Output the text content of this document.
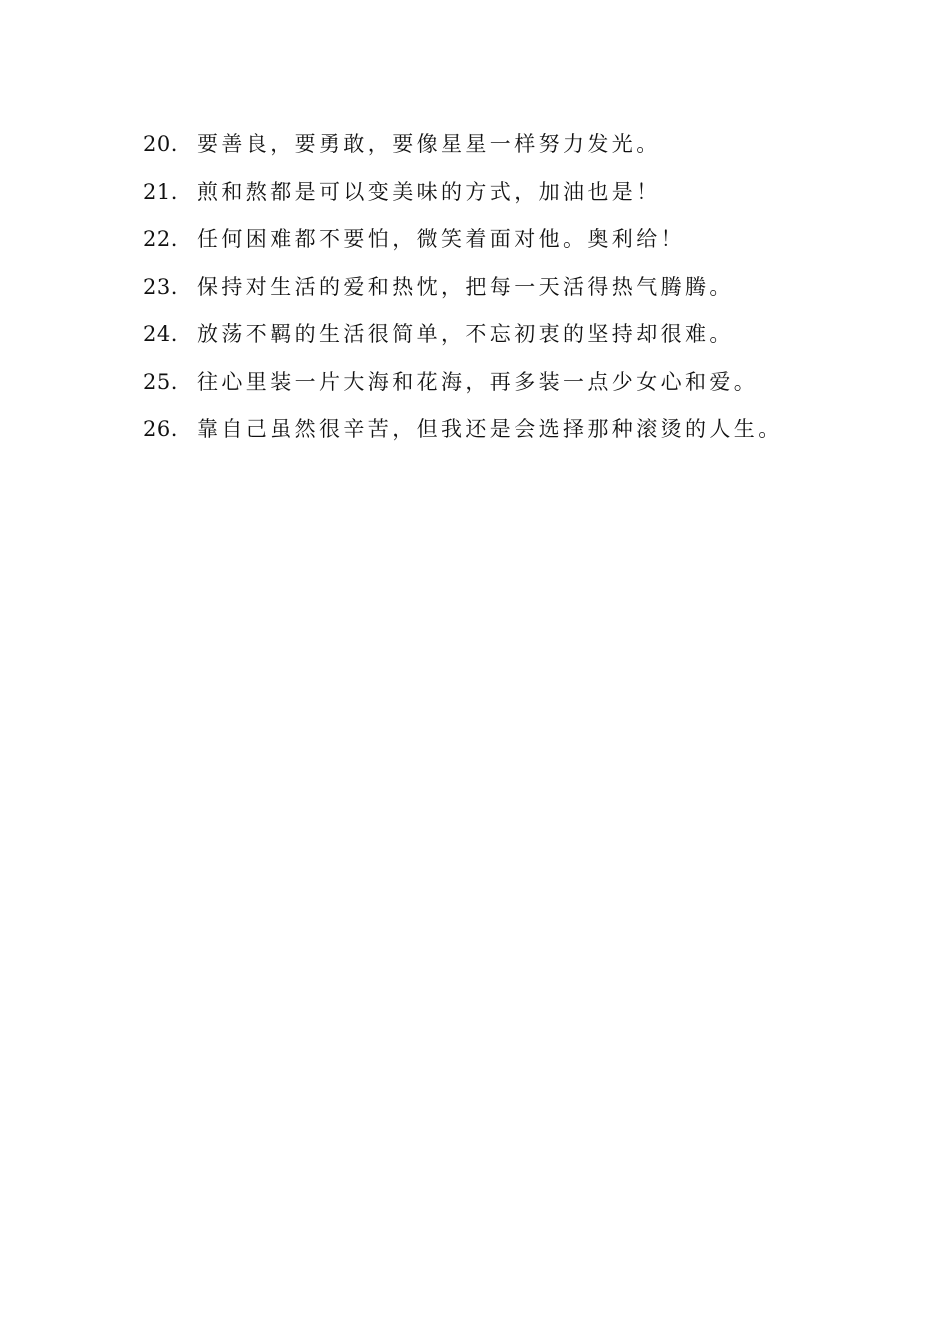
20. 要善良，要勇敢，要像星星一样努力发光。
21. 煎和熬都是可以变美味的方式，加油也是！
22. 任何困难都不要怕，微笑着面对他。奥利给！
23. 保持对生活的爱和热忱，把每一天活得热气腾腾。
24. 放荡不羁的生活很简单，不忘初衷的坚持却很难。
25. 往心里装一片大海和花海，再多装一点少女心和爱。
26. 靠自己虽然很辛苦，但我还是会选择那种滚烫的人生。
